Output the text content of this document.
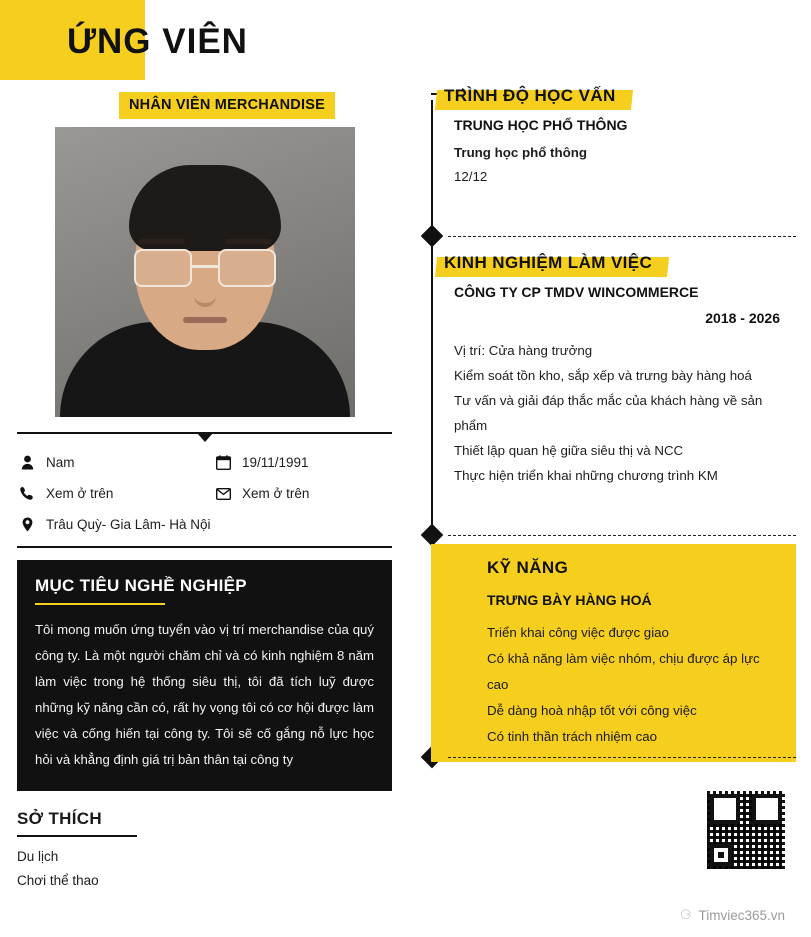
ỨNG VIÊN
NHÂN VIÊN MERCHANDISE
Nam	19/11/1991
Xem ở trên	Xem ở trên
Trâu Quỳ- Gia Lâm- Hà Nội
MỤC TIÊU NGHỀ NGHIỆP
Tôi mong muốn ứng tuyển vào vị trí merchandise của quý công ty. Là một người chăm chỉ và có kinh nghiệm 8 năm làm việc trong hệ thống siêu thị, tôi đã tích luỹ được những kỹ năng cần có, rất hy vọng tôi có cơ hội được làm việc và cống hiến tại công ty. Tôi sẽ cố gắng nỗ lực học hỏi và khẳng định giá trị bản thân tại công ty
SỞ THÍCH
Du lịch
Chơi thể thao
TRÌNH ĐỘ HỌC VẤN
TRUNG HỌC PHỔ THÔNG
Trung học phổ thông
12/12
KINH NGHIỆM LÀM VIỆC
CÔNG TY CP TMDV WINCOMMERCE
2018 - 2026
Vị trí: Cửa hàng trưởng
Kiểm soát tồn kho, sắp xếp và trưng bày hàng hoá
Tư vấn và giải đáp thắc mắc của khách hàng về sản phẩm
Thiết lập quan hệ giữa siêu thị và NCC
Thực hiện triển khai những chương trình KM
KỸ NĂNG
TRƯNG BÀY HÀNG HOÁ
Triển khai công việc được giao
Có khả năng làm việc nhóm, chịu được áp lực cao
Dễ dàng hoà nhập tốt với công việc
Có tinh thần trách nhiệm cao
⚆ Timviec365.vn
